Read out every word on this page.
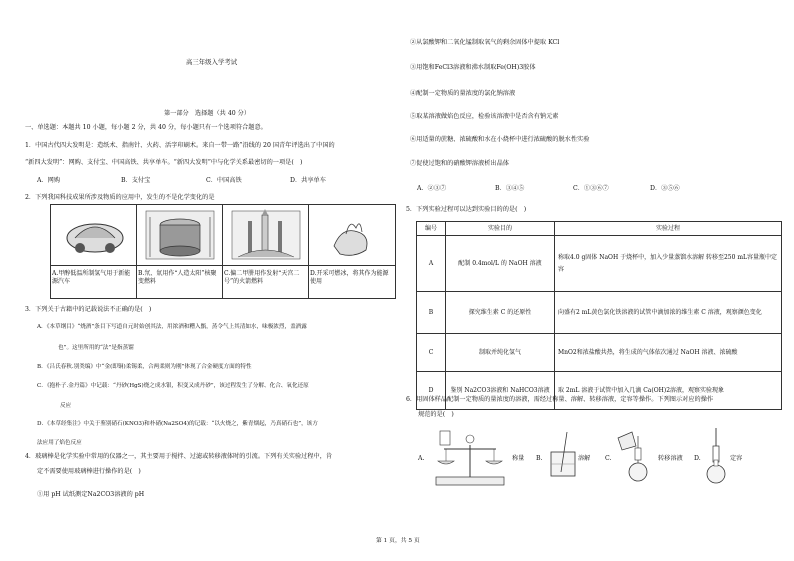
高三年级入学考试
第一部分　选择题（共 40 分）
一、单选题：本题共 10 小题，每小题 2 分，共 40 分，每小题只有一个选项符合题意。
1．中国古代四大发明是：造纸术、指南针、火药、活字印刷术。来自一带一路”沿线的 20 国青年评选出了中国的
“新四大发明”：网购、支付宝、中国高铁、共享单车。“新四大发明”中与化学关系最密切的一项是(　)
A．网购	B．支付宝	C．中国高铁	D．共享单车
2．下列我国科技成果所涉及物质的应用中，发生的不是化学变化的是
A.甲醇低温所制氢气用于新能源汽车
B.氘、氚用作“人造太阳”核聚变燃料
C.偏二甲肼用作发射“天宫二号”的火箭燃料
D.开采可燃冰，将其作为能源使用
3．下列关于古籍中的记载说法不正确的是(　)
A．《本草纲目》“烧酒”条目下写道自元时始创其法，用浓酒和糟入甑，蒸令气上其清如水，味极浓烈，盖酒露
也”。这里所用的“法”是指蒸馏
B．《吕氏春秋.别类编》中“金(即铜)柔锡柔，合两柔则为刚”体现了合金硬度方面的特性
C．《抱朴子.金丹篇》中记载：“丹砂(HgS)烧之成水银，积变又成丹砂”，该过程发生了分解、化合、氧化还原
反应
D．《本草经集注》中关于鉴别硝石(KNO3)和朴硝(Na2SO4)的记载：“以火烧之，紫青烟起，乃真硝石也”，该方
法应用了焰色反应
4．玻璃棒是化学实验中常用的仪器之一，其主要用于搅拌、过滤或转移液体时的引流。下列有关实验过程中，肯
定不需要使用玻璃棒进行操作的是(　)
①用 pH 试纸测定Na2CO3溶液的 pH
②从氯酸钾和二氧化锰制取氧气的剩余固体中提取 KCl
③用饱和FeCl3溶液和沸水制取Fe(OH)3胶体
④配制一定物质的量浓度的氯化钠溶液
⑤取某溶液做焰色反应，检验该溶液中是否含有钠元素
⑥用适量的蔗糖、浓硫酸和水在小烧杯中进行浓硫酸的脱水性实验
⑦促使过饱和的硝酸钾溶液析出晶体
A．②③⑦	B．③④⑤	C．①③⑥⑦	D．③⑤⑥
5．下列实验过程可以达到实验目的的是(　)
编号	实验目的	实验过程
A	配制 0.4mol/L 的 NaOH 溶液	称取4.0 g固体 NaOH 于烧杯中，加入少量蒸馏水溶解 转移至250 mL容量瓶中定容
B	探究维生素 C 的还原性	向盛有2 mL黄色氯化铁溶液的试管中滴加浓的维生素 C 溶液，观察颜色变化
C	制取并纯化氢气	MnO2和浓盐酸共热，将生成的气体依次通过 NaOH 溶液、浓硫酸
D	鉴别 Na2CO3溶液和 NaHCO3溶液	取 2mL 溶液于试管中加入几滴 Ca(OH)2溶液，观察实验现象
6．用固体样品配制一定物质的量浓度的溶液，需经过称量、溶解、转移溶液，定容等操作。下列图示对应的操作
规范的是(　)
A.	称量 B.	溶解 C.	转移溶液 D.	定容
第 1 页，共 5 页
